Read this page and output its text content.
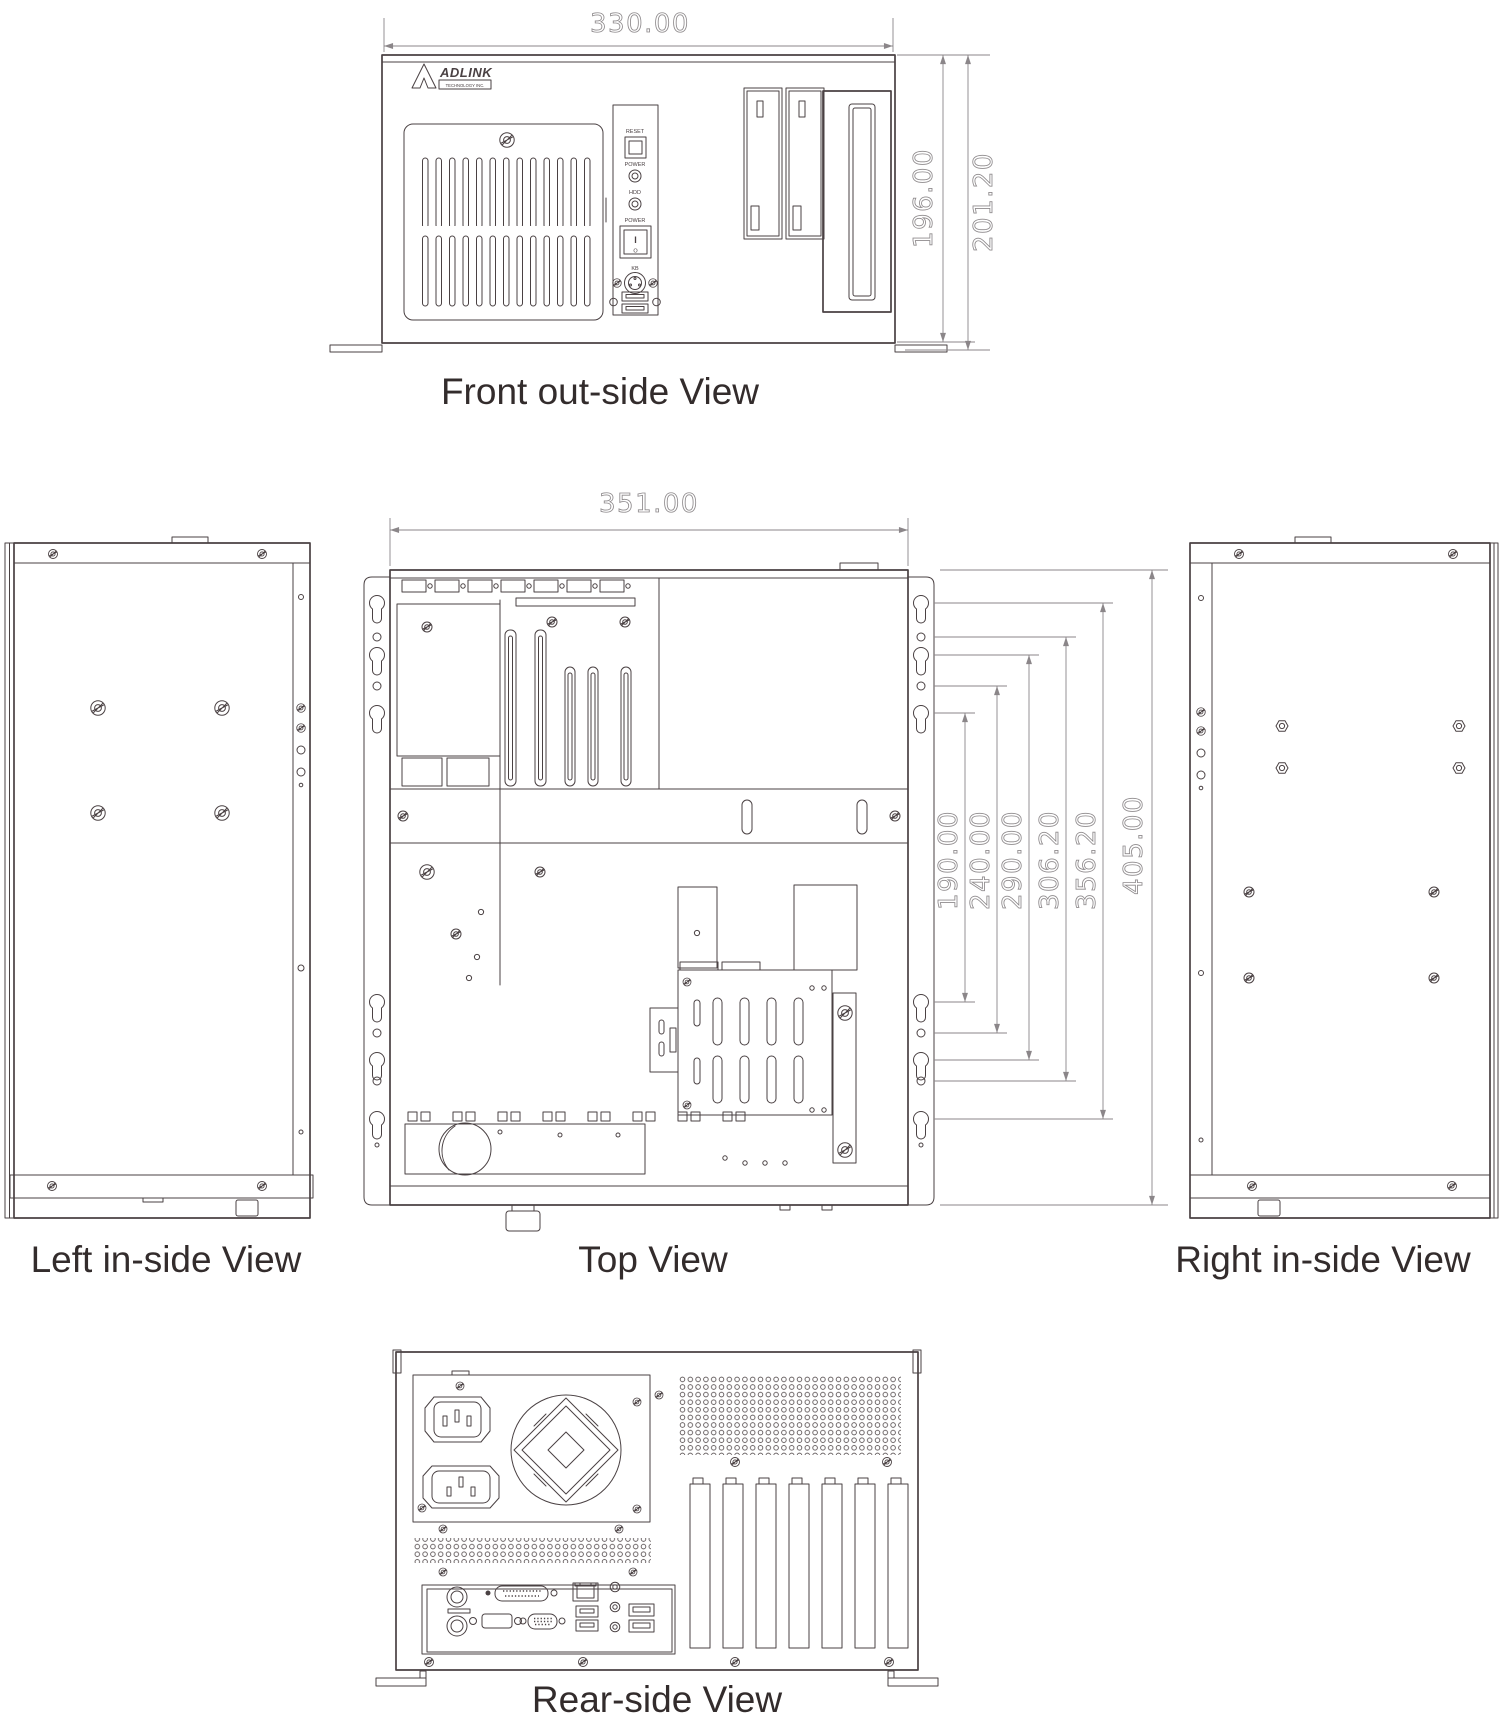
330.00
ADLINK
TECHNOLOGY INC.
RESET
POWER
HDD
POWER
I
O
KB
196.00 201.20
Front out-side View
351.00
190.00 240.00 290.00 306.20 356.20 405.00
Top View
Left in-side View	Right in-side View
Rear-side View
